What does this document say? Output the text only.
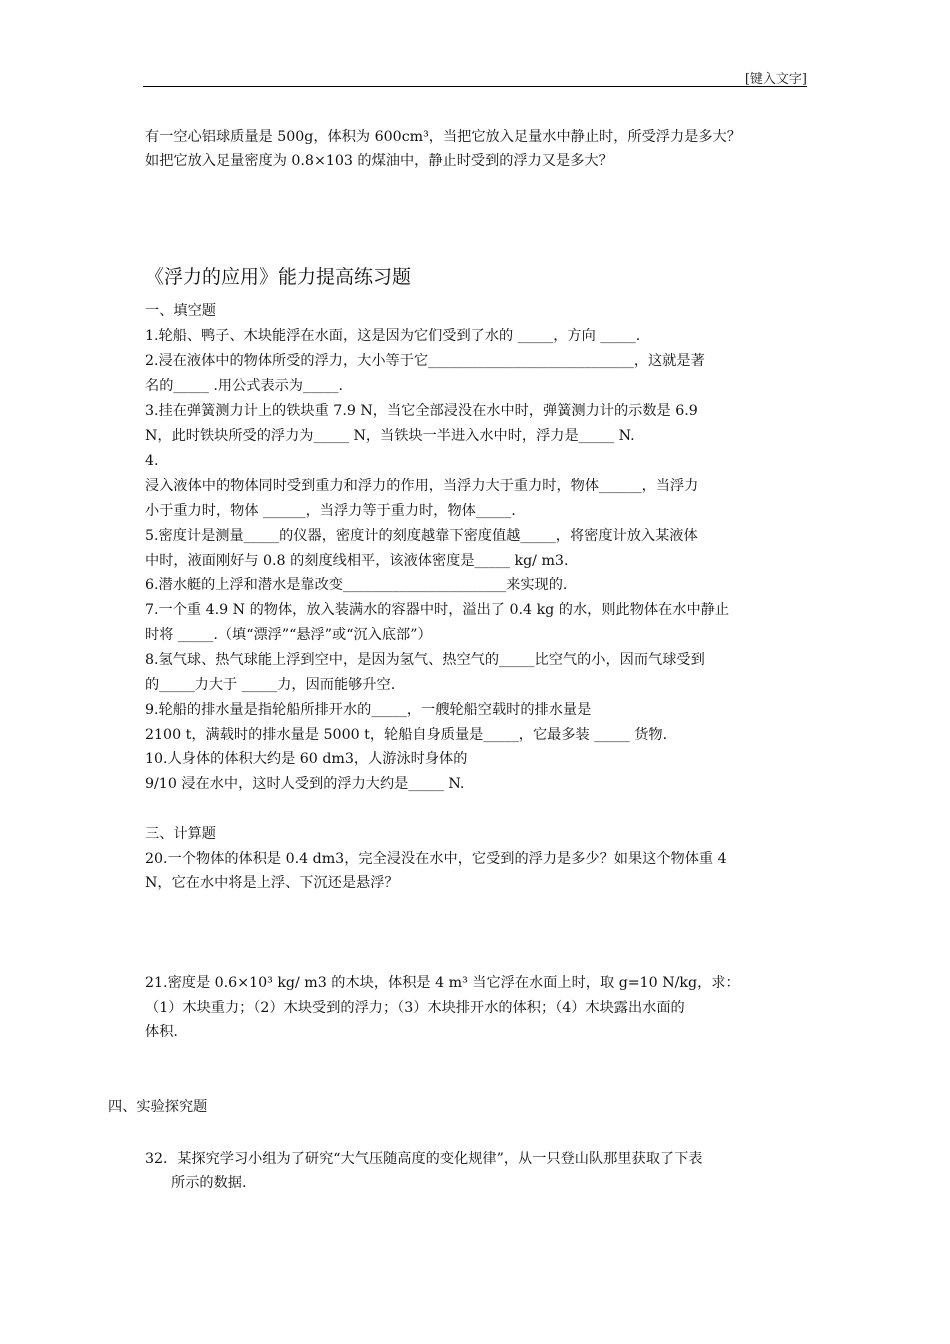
[键入文字]
有一空心铝球质量是 500g，体积为 600cm³，当把它放入足量水中静止时，所受浮力是多大？
如把它放入足量密度为 0.8×103 的煤油中，静止时受到的浮力又是多大？
《浮力的应用》能力提高练习题
一、填空题
1.轮船、鸭子、木块能浮在水面，这是因为它们受到了水的 _____，方向 _____.
2.浸在液体中的物体所受的浮力，大小等于它_____________________________，这就是著
名的_____ .用公式表示为_____.
3.挂在弹簧测力计上的铁块重 7.9 N，当它全部浸没在水中时，弹簧测力计的示数是 6.9
N，此时铁块所受的浮力为_____ N，当铁块一半进入水中时，浮力是_____ N.
4.
浸入液体中的物体同时受到重力和浮力的作用，当浮力大于重力时，物体______，当浮力
小于重力时，物体 ______，当浮力等于重力时，物体_____.
5.密度计是测量_____的仪器，密度计的刻度越靠下密度值越_____，将密度计放入某液体
中时，液面刚好与 0.8 的刻度线相平，该液体密度是_____ kg/ m3.
6.潜水艇的上浮和潜水是靠改变_______________________来实现的.
7.一个重 4.9 N 的物体，放入装满水的容器中时，溢出了 0.4 kg 的水，则此物体在水中静止
时将 _____.（填“漂浮”“悬浮”或“沉入底部”）
8.氢气球、热气球能上浮到空中，是因为氢气、热空气的_____比空气的小，因而气球受到
的_____力大于 _____力，因而能够升空.
9.轮船的排水量是指轮船所排开水的_____，一艘轮船空载时的排水量是
2100 t，满载时的排水量是 5000 t，轮船自身质量是_____，它最多装 _____ 货物.
10.人身体的体积大约是 60 dm3，人游泳时身体的
9/10 浸在水中，这时人受到的浮力大约是_____ N.
三、计算题
20.一个物体的体积是 0.4 dm3，完全浸没在水中，它受到的浮力是多少？如果这个物体重 4
N，它在水中将是上浮、下沉还是悬浮？
21.密度是 0.6×10³ kg/ m3 的木块，体积是 4 m³ 当它浮在水面上时，取 g=10 N/kg，求：
（1）木块重力；（2）木块受到的浮力；（3）木块排开水的体积；（4）木块露出水面的
体积.
四、实验探究题
32．某探究学习小组为了研究“大气压随高度的变化规律”，从一只登山队那里获取了下表
所示的数据.
